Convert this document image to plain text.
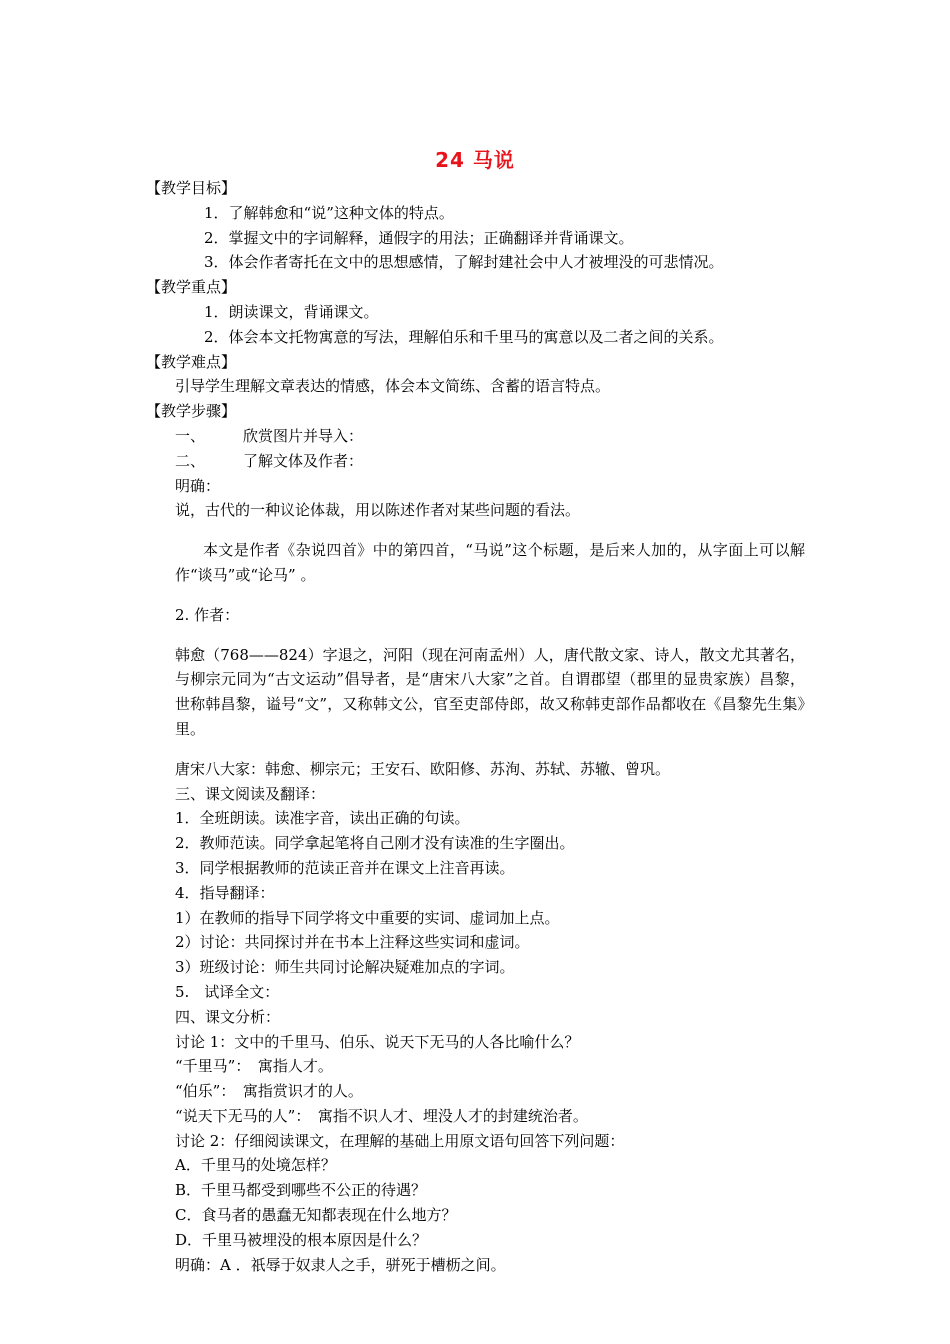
24 马说

【教学目标】

1．了解韩愈和“说”这种文体的特点。

2．掌握文中的字词解释，通假字的用法；正确翻译并背诵课文。

3．体会作者寄托在文中的思想感情，了解封建社会中人才被埋没的可悲情况。

【教学重点】

1．朗读课文，背诵课文。

2．体会本文托物寓意的写法，理解伯乐和千里马的寓意以及二者之间的关系。

【教学难点】

引导学生理解文章表达的情感，体会本文简练、含蓄的语言特点。

【教学步骤】

一、	欣赏图片并导入：

二、	了解文体及作者：

明确：

说，古代的一种议论体裁，用以陈述作者对某些问题的看法。

本文是作者《杂说四首》中的第四首，“马说”这个标题，是后来人加的，从字面上可以解作“谈马”或“论马” 。

2. 作者：

韩愈（768——824）字退之，河阳（现在河南孟州）人，唐代散文家、诗人，散文尤其著名，与柳宗元同为“古文运动”倡导者，是“唐宋八大家”之首。自谓郡望（郡里的显贵家族）昌黎，世称韩昌黎，谥号“文”，又称韩文公，官至吏部侍郎，故又称韩吏部作品都收在《昌黎先生集》里。

唐宋八大家：韩愈、柳宗元；王安石、欧阳修、苏洵、苏轼、苏辙、曾巩。

三、课文阅读及翻译：

1．全班朗读。读准字音，读出正确的句读。

2．教师范读。同学拿起笔将自己刚才没有读准的生字圈出。

3．同学根据教师的范读正音并在课文上注音再读。

4．指导翻译：

1）在教师的指导下同学将文中重要的实词、虚词加上点。

2）讨论：共同探讨并在书本上注释这些实词和虚词。

3）班级讨论：师生共同讨论解决疑难加点的字词。

5.　试译全文：

四、课文分析：

讨论 1：文中的千里马、伯乐、说天下无马的人各比喻什么？

“千里马”：　寓指人才。

“伯乐”：　寓指赏识才的人。

“说天下无马的人”：　寓指不识人才、埋没人才的封建统治者。

讨论 2：仔细阅读课文，在理解的基础上用原文语句回答下列问题：

A．千里马的处境怎样？

B．千里马都受到哪些不公正的待遇？

C．食马者的愚蠢无知都表现在什么地方？

D．千里马被埋没的根本原因是什么？

明确：A ．祇辱于奴隶人之手，骈死于槽枥之间。
